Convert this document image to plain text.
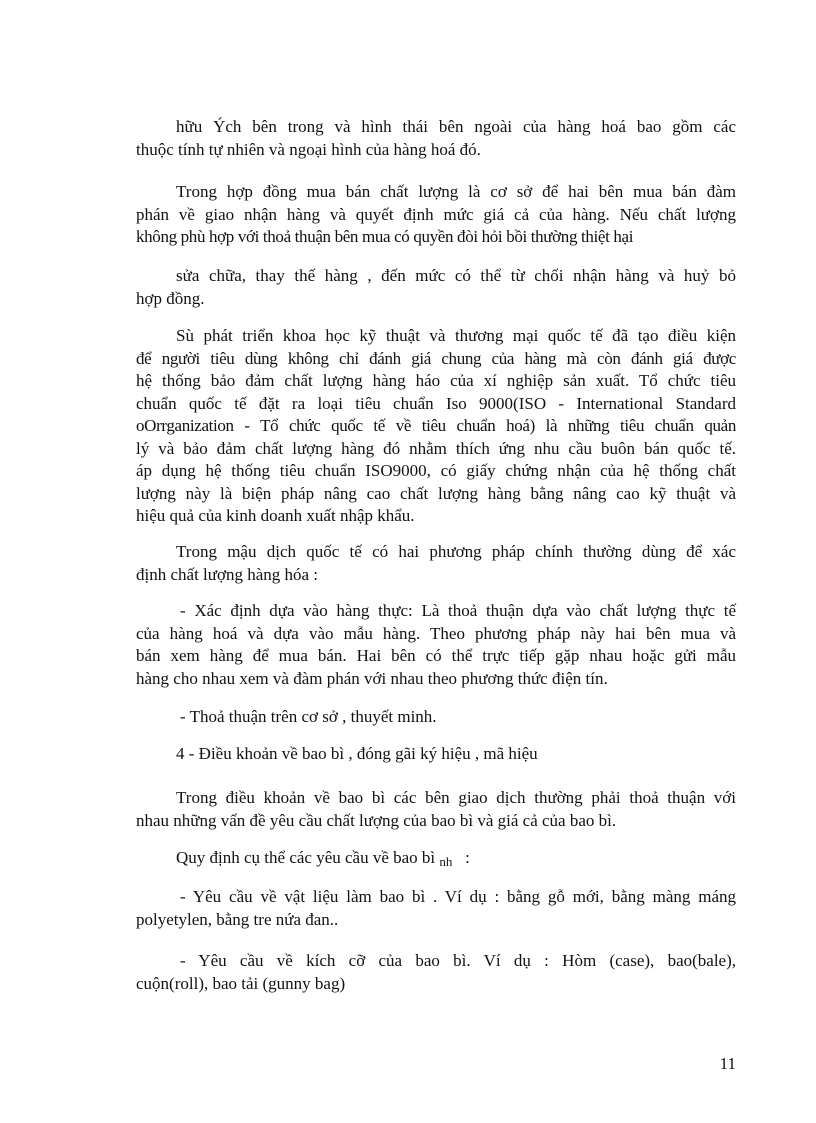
hữu Ých bên trong và hình thái bên ngoài của hàng hoá bao gồm các
thuộc tính tự nhiên và ngoại hình của hàng hoá đó.
Trong hợp đồng mua bán chất lượng là cơ sở để hai bên mua bán đàm
phán về giao nhận hàng và quyết định mức giá cả của hàng. Nếu chất lượng
không phù hợp với thoả thuận bên mua có quyền đòi hỏi bồi thường thiệt hại
sửa chữa, thay thế hàng , đến mức có thể từ chối nhận hàng và huỷ bỏ
hợp đồng.
Sù phát triển khoa học kỹ thuật và thương mại quốc tế đã tạo điều kiện
để người tiêu dùng không chỉ đánh giá chung của hàng mà còn đánh giá được
hệ thống bảo đảm chất lượng hàng háo của xí nghiệp sản xuất. Tổ chức tiêu
chuẩn quốc tế đặt ra loại tiêu chuẩn Iso 9000(ISO - International Standard
oOrrganization - Tổ chức quốc tế về tiêu chuẩn hoá) là những tiêu chuẩn quản
lý và bảo đảm chất lượng hàng đó nhằm thích ứng nhu cầu buôn bán quốc tế.
áp dụng hệ thống tiêu chuẩn ISO9000, có giấy chứng nhận của hệ thống chất
lượng này là biện pháp nâng cao chất lượng hàng bằng nâng cao kỹ thuật và
hiệu quả của kinh doanh xuất nhập khẩu.
Trong mậu dịch quốc tế có hai phương pháp chính thường dùng để xác
định chất lượng hàng hóa :
- Xác định dựa vào hàng thực: Là thoả thuận dựa vào chất lượng thực tế
của hàng hoá và dựa vào mẫu hàng. Theo phương pháp này hai bên mua và
bán xem hàng để mua bán. Hai bên có thể trực tiếp gặp nhau hoặc gửi mẫu
hàng cho nhau xem và đàm phán với nhau theo phương thức điện tín.
- Thoả thuận trên cơ sở , thuyết minh.
4 - Điều khoản về bao bì , đóng gãi ký hiệu , mã hiệu
Trong điều khoản về bao bì các bên giao dịch thường phải thoả thuận với
nhau những vấn đề yêu cầu chất lượng của bao bì và giá cả của bao bì.
Quy định cụ thể các yêu cầu về bao bì nh :
- Yêu cầu về vật liệu làm bao bì . Ví dụ : bằng gỗ mới, bằng màng máng
polyetylen, bằng tre nứa đan..
- Yêu cầu về kích cỡ của bao bì. Ví dụ : Hòm (case), bao(bale),
cuộn(roll), bao tải (gunny bag)
11
